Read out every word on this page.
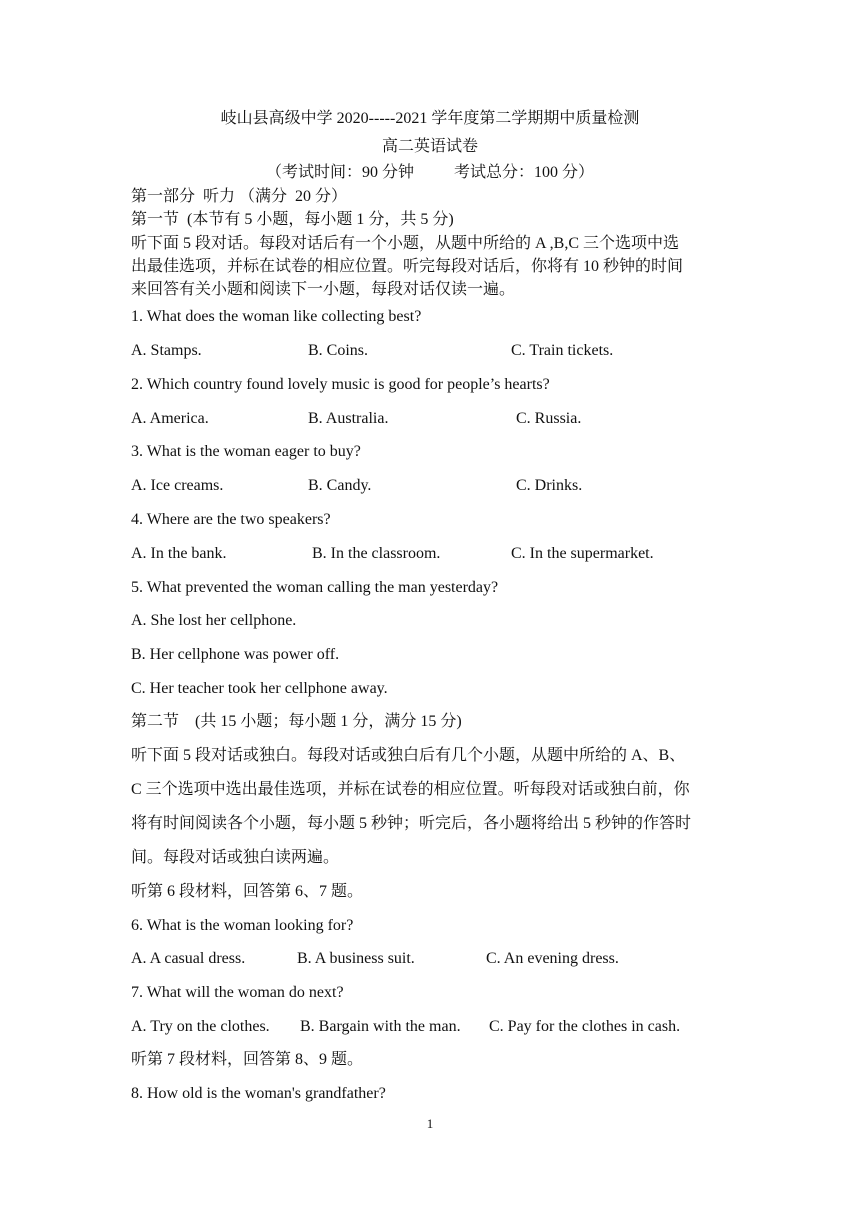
岐山县高级中学 2020-----2021 学年度第二学期期中质量检测
高二英语试卷
（考试时间：90 分钟          考试总分：100 分）
第一部分  听力 （满分  20 分）
第一节  (本节有 5 小题，每小题 1 分，共 5 分)
听下面 5 段对话。每段对话后有一个小题，从题中所给的 A ,B,C 三个选项中选
出最佳选项，并标在试卷的相应位置。听完每段对话后，你将有 10 秒钟的时间
来回答有关小题和阅读下一小题，每段对话仅读一遍。
1. What does the woman like collecting best?
A. Stamps.	B. Coins.	C. Train tickets.
2. Which country found lovely music is good for people’s hearts?
A. America.	B. Australia.	C. Russia.
3. What is the woman eager to buy?
A. Ice creams.	B. Candy.	C. Drinks.
4. Where are the two speakers?
A. In the bank.	B. In the classroom.	C. In the supermarket.
5. What prevented the woman calling the man yesterday?
A. She lost her cellphone.
B. Her cellphone was power off.
C. Her teacher took her cellphone away.
第二节    (共 15 小题；每小题 1 分，满分 15 分)
听下面 5 段对话或独白。每段对话或独白后有几个小题，从题中所给的 A、B、
C 三个选项中选出最佳选项，并标在试卷的相应位置。听每段对话或独白前，你
将有时间阅读各个小题，每小题 5 秒钟；听完后，各小题将给出 5 秒钟的作答时
间。每段对话或独白读两遍。
听第 6 段材料，回答第 6、7 题。
6. What is the woman looking for?
A. A casual dress.	B. A business suit.	C. An evening dress.
7. What will the woman do next?
A. Try on the clothes. B. Bargain with the man. C. Pay for the clothes in cash.
听第 7 段材料，回答第 8、9 题。
8. How old is the woman's grandfather?
1
